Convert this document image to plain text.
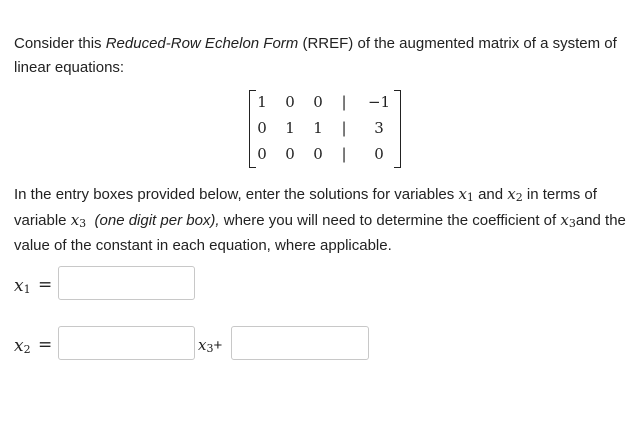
Consider this Reduced-Row Echelon Form (RREF) of the augmented matrix of a system of linear equations:

1 0 0	|	−1
0 1 1	|	3
0 0 0	|	0

In the entry boxes provided below, enter the solutions for variables x1 and x2 in terms of variable x3 (one digit per box), where you will need to determine the coefficient of x3and the value of the constant in each equation, where applicable.

x1 =
x2 =	x3+
